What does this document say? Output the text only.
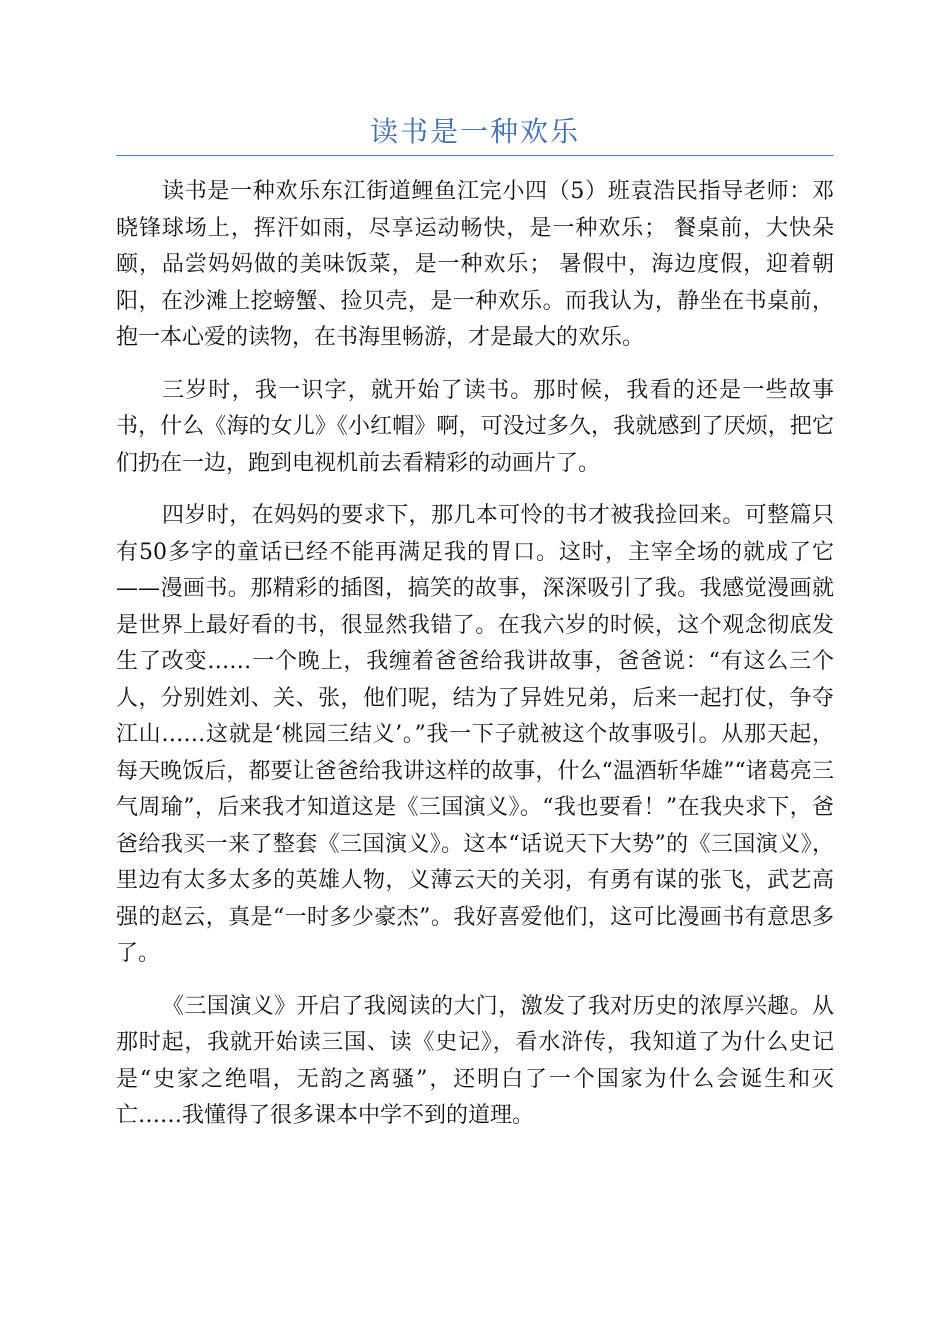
读书是一种欢乐

读书是一种欢乐东江街道鲤鱼江完小四（5）班袁浩民指导老师：邓晓锋球场上，挥汗如雨，尽享运动畅快，是一种欢乐； 餐桌前，大快朵颐，品尝妈妈做的美味饭菜，是一种欢乐； 暑假中，海边度假，迎着朝阳，在沙滩上挖螃蟹、捡贝壳，是一种欢乐。而我认为，静坐在书桌前，抱一本心爱的读物，在书海里畅游，才是最大的欢乐。

三岁时，我一识字，就开始了读书。那时候，我看的还是一些故事书，什么《海的女儿》《小红帽》啊，可没过多久，我就感到了厌烦，把它们扔在一边，跑到电视机前去看精彩的动画片了。

四岁时，在妈妈的要求下，那几本可怜的书才被我捡回来。可整篇只有50多字的童话已经不能再满足我的胃口。这时，主宰全场的就成了它——漫画书。那精彩的插图，搞笑的故事，深深吸引了我。我感觉漫画就是世界上最好看的书，很显然我错了。在我六岁的时候，这个观念彻底发生了改变……一个晚上，我缠着爸爸给我讲故事，爸爸说：“有这么三个人，分别姓刘、关、张，他们呢，结为了异姓兄弟，后来一起打仗，争夺江山……这就是‘桃园三结义’。”我一下子就被这个故事吸引。从那天起，每天晚饭后，都要让爸爸给我讲这样的故事，什么“温酒斩华雄”“诸葛亮三气周瑜”，后来我才知道这是《三国演义》。“我也要看！”在我央求下，爸爸给我买一来了整套《三国演义》。这本“话说天下大势”的《三国演义》，里边有太多太多的英雄人物，义薄云天的关羽，有勇有谋的张飞，武艺高强的赵云，真是“一时多少豪杰”。我好喜爱他们，这可比漫画书有意思多了。

《三国演义》开启了我阅读的大门，激发了我对历史的浓厚兴趣。从那时起，我就开始读三国、读《史记》，看水浒传，我知道了为什么史记是“史家之绝唱，无韵之离骚”，还明白了一个国家为什么会诞生和灭亡……我懂得了很多课本中学不到的道理。
